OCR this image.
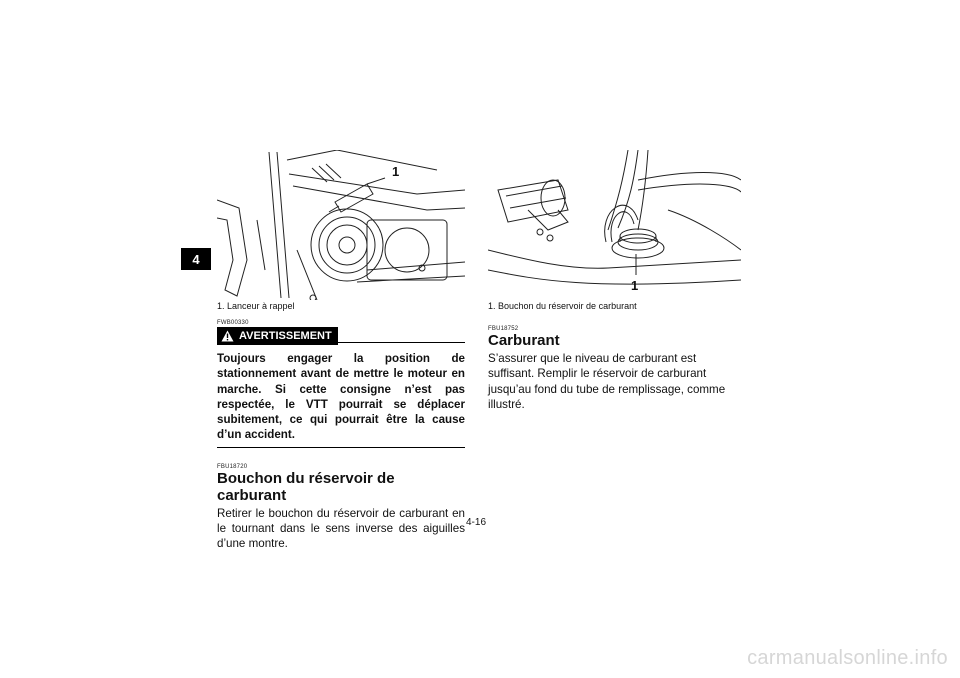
4
1
1. Lanceur à rappel
FWB00330
AVERTISSEMENT
Toujours engager la position de stationnement avant de mettre le moteur en marche. Si cette consigne n’est pas respectée, le VTT pourrait se déplacer subitement, ce qui pourrait être la cause d’un accident.
FBU18720
Bouchon du réservoir de carburant
Retirer le bouchon du réservoir de carburant en le tournant dans le sens inverse des aiguilles d’une montre.
1
1. Bouchon du réservoir de carburant
FBU18752
Carburant
S’assurer que le niveau de carburant est suffisant. Remplir le réservoir de carburant jusqu’au fond du tube de remplissage, comme illustré.
4-16
carmanualsonline.info
